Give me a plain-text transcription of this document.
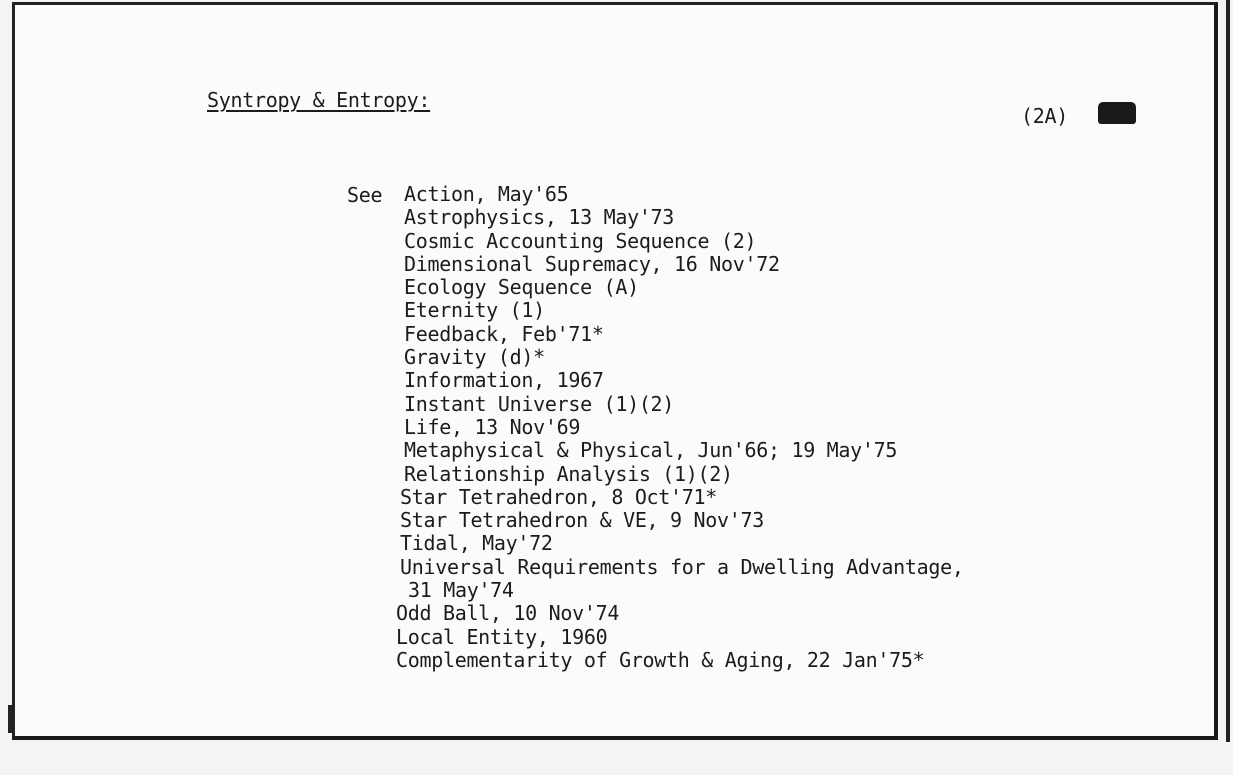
Syntropy & Entropy:
(2A)
See Action, May'65
Astrophysics, 13 May'73
Cosmic Accounting Sequence (2)
Dimensional Supremacy, 16 Nov'72
Ecology Sequence (A)
Eternity (1)
Feedback, Feb'71*
Gravity (d)*
Information, 1967
Instant Universe (1)(2)
Life, 13 Nov'69
Metaphysical & Physical, Jun'66; 19 May'75
Relationship Analysis (1)(2)
Star Tetrahedron, 8 Oct'71*
Star Tetrahedron & VE, 9 Nov'73
Tidal, May'72
Universal Requirements for a Dwelling Advantage,
31 May'74
Odd Ball, 10 Nov'74
Local Entity, 1960
Complementarity of Growth & Aging, 22 Jan'75*
